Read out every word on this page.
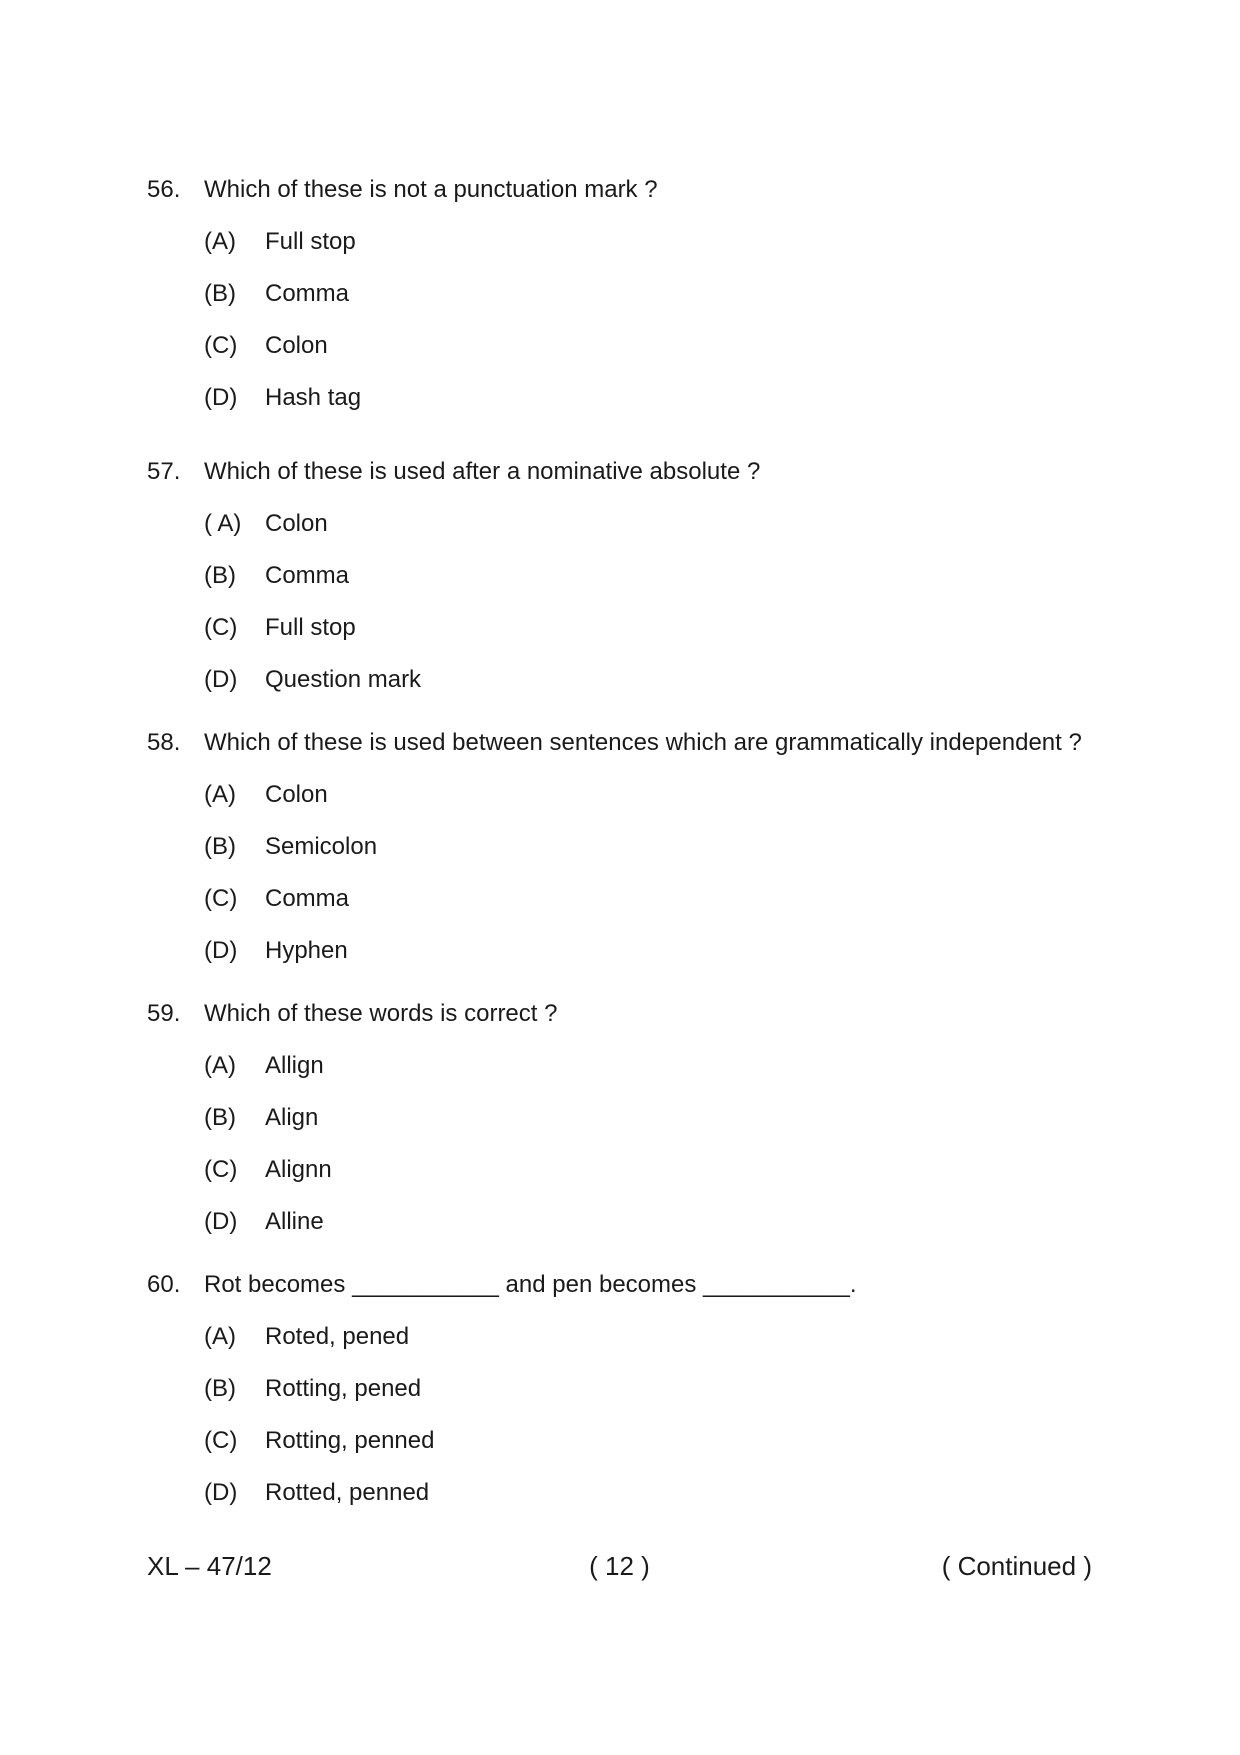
56. Which of these is not a punctuation mark ?
(A)	Full stop
(B)	Comma
(C)	Colon
(D)	Hash tag
57. Which of these is used after a nominative absolute ?
( A) Colon
(B)	Comma
(C)	Full stop
(D)	Question mark
58. Which of these is used between sentences which are grammatically independent ?
(A)	Colon
(B)	Semicolon
(C)	Comma
(D)	Hyphen
59. Which of these words is correct ?
(A)	Allign
(B)	Align
(C)	Alignn
(D)	Alline
60. Rot becomes ___________ and pen becomes ___________.
(A)	Roted, pened
(B)	Rotting, pened
(C)	Rotting, penned
(D)	Rotted, penned
( 12 )
XL – 47/12	( Continued )
